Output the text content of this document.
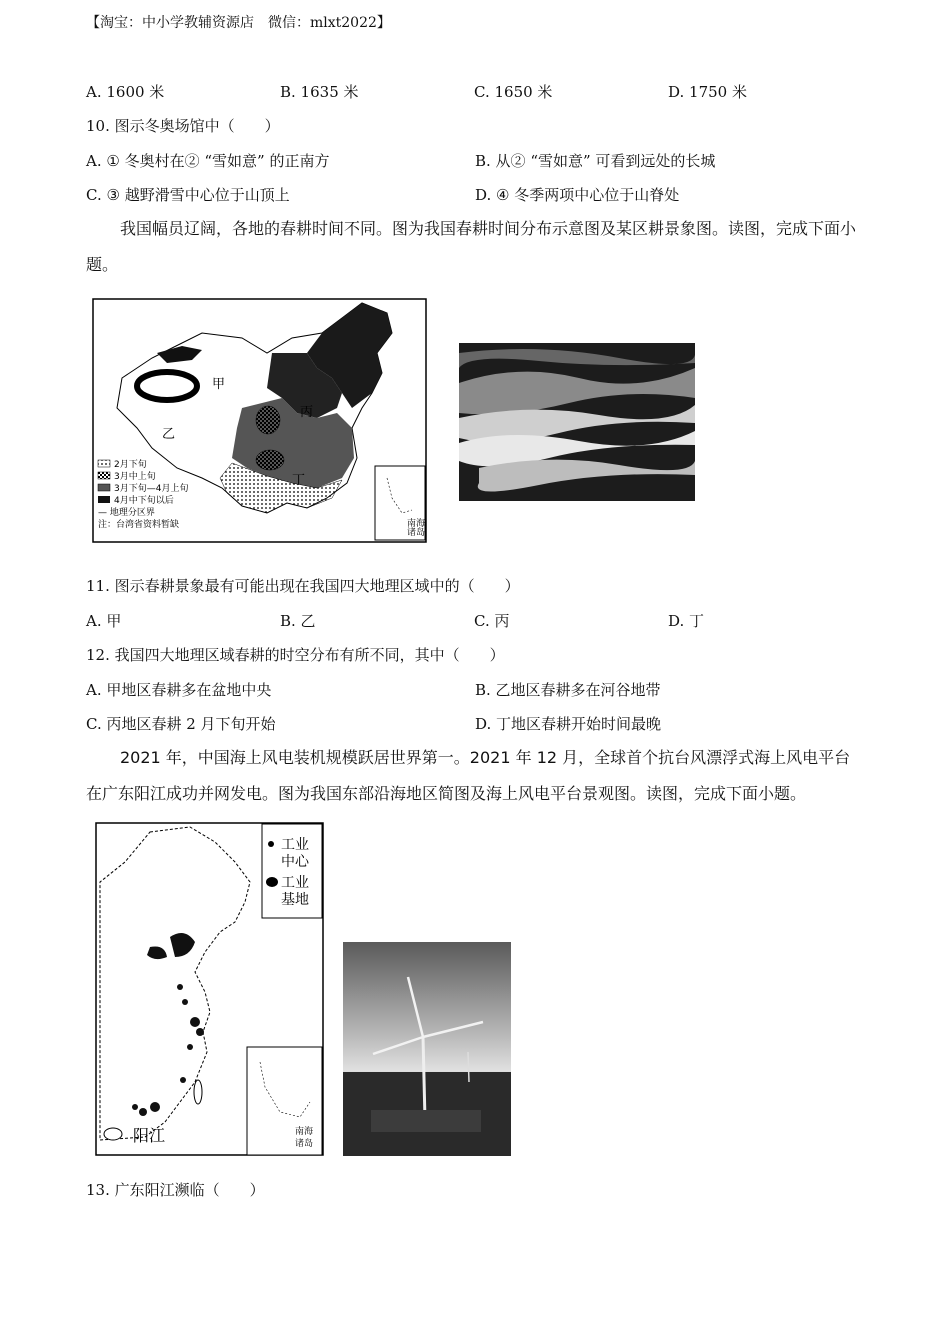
【淘宝：中小学教辅资源店　微信：mlxt2022】
A. 1600 米	B. 1635 米	C. 1650 米	D. 1750 米
10. 图示冬奥场馆中（　　）
A. ① 冬奥村在② “雪如意” 的正南方	B. 从② “雪如意” 可看到远处的长城
C. ③ 越野滑雪中心位于山顶上	D. ④ 冬季两项中心位于山脊处
我国幅员辽阔，各地的春耕时间不同。图为我国春耕时间分布示意图及某区耕景象图。读图，完成下面小题。
甲
乙
丙
丁
南海
诸岛
2月下旬
3月中上旬
3月下旬—4月上旬
4月中下旬以后
— 地理分区界
注：台湾省资料暂缺
11. 图示春耕景象最有可能出现在我国四大地理区域中的（　　）
A. 甲	B. 乙	C. 丙	D. 丁
12. 我国四大地理区域春耕的时空分布有所不同，其中（　　）
A. 甲地区春耕多在盆地中央	B. 乙地区春耕多在河谷地带
C. 丙地区春耕 2 月下旬开始	D. 丁地区春耕开始时间最晚
2021 年，中国海上风电装机规模跃居世界第一。2021 年 12 月，全球首个抗台风漂浮式海上风电平台在广东阳江成功并网发电。图为我国东部沿海地区简图及海上风电平台景观图。读图，完成下面小题。
工业
中心
工业
基地
阳江	南海
诸岛
13. 广东阳江濒临（　　）
